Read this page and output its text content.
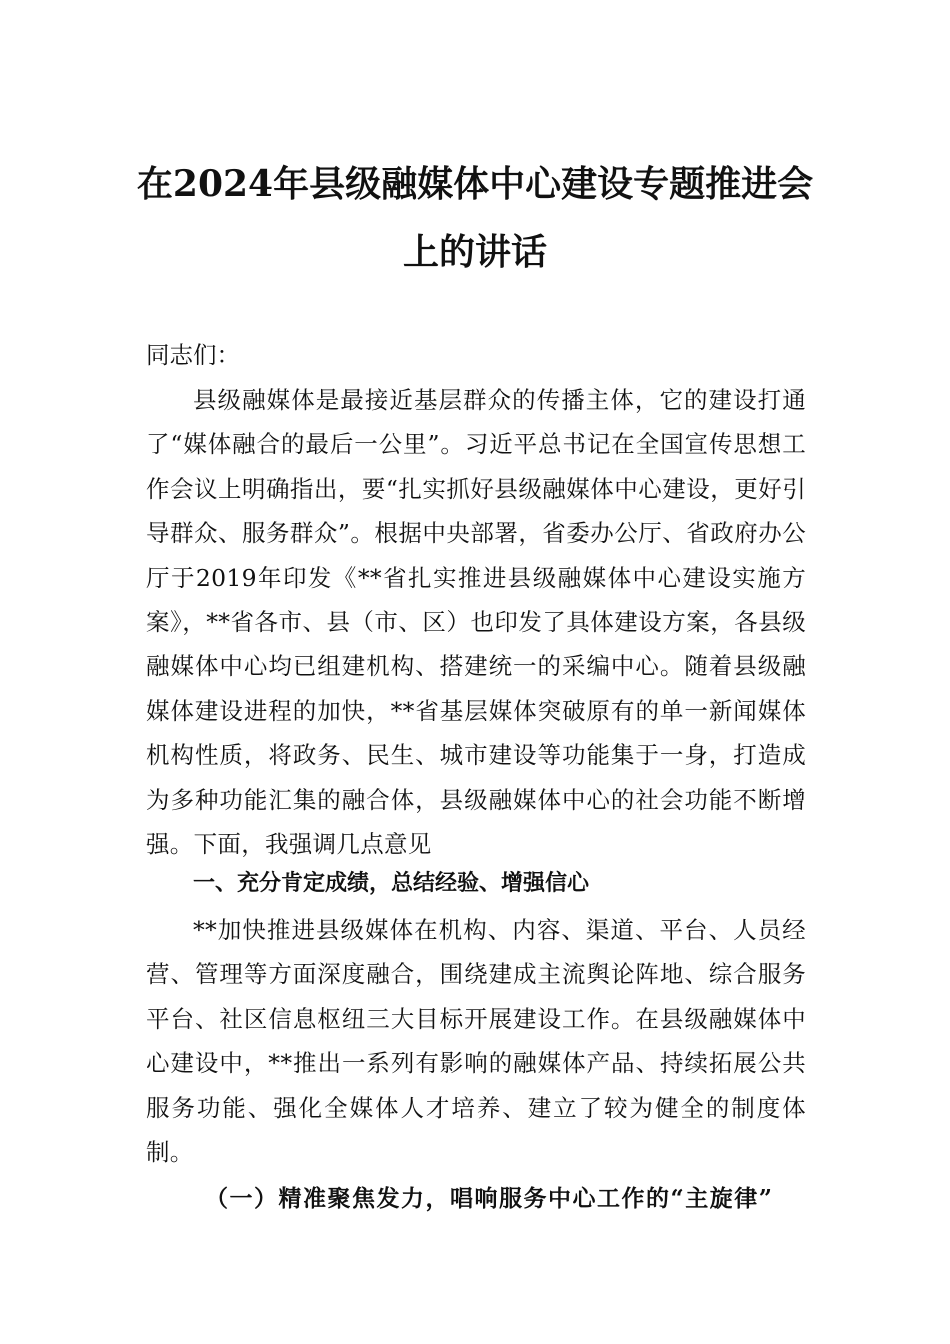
在2024年县级融媒体中心建设专题推进会
上的讲话

同志们：

县级融媒体是最接近基层群众的传播主体，它的建设打通了“媒体融合的最后一公里”。习近平总书记在全国宣传思想工作会议上明确指出，要“扎实抓好县级融媒体中心建设，更好引导群众、服务群众”。根据中央部署，省委办公厅、省政府办公厅于2019年印发《**省扎实推进县级融媒体中心建设实施方案》，**省各市、县（市、区）也印发了具体建设方案，各县级融媒体中心均已组建机构、搭建统一的采编中心。随着县级融媒体建设进程的加快，**省基层媒体突破原有的单一新闻媒体机构性质，将政务、民生、城市建设等功能集于一身，打造成为多种功能汇集的融合体，县级融媒体中心的社会功能不断增强。下面，我强调几点意见

一、充分肯定成绩，总结经验、增强信心

**加快推进县级媒体在机构、内容、渠道、平台、人员经营、管理等方面深度融合，围绕建成主流舆论阵地、综合服务平台、社区信息枢纽三大目标开展建设工作。在县级融媒体中心建设中，**推出一系列有影响的融媒体产品、持续拓展公共服务功能、强化全媒体人才培养、建立了较为健全的制度体制。

（一）精准聚焦发力，唱响服务中心工作的“主旋律”
